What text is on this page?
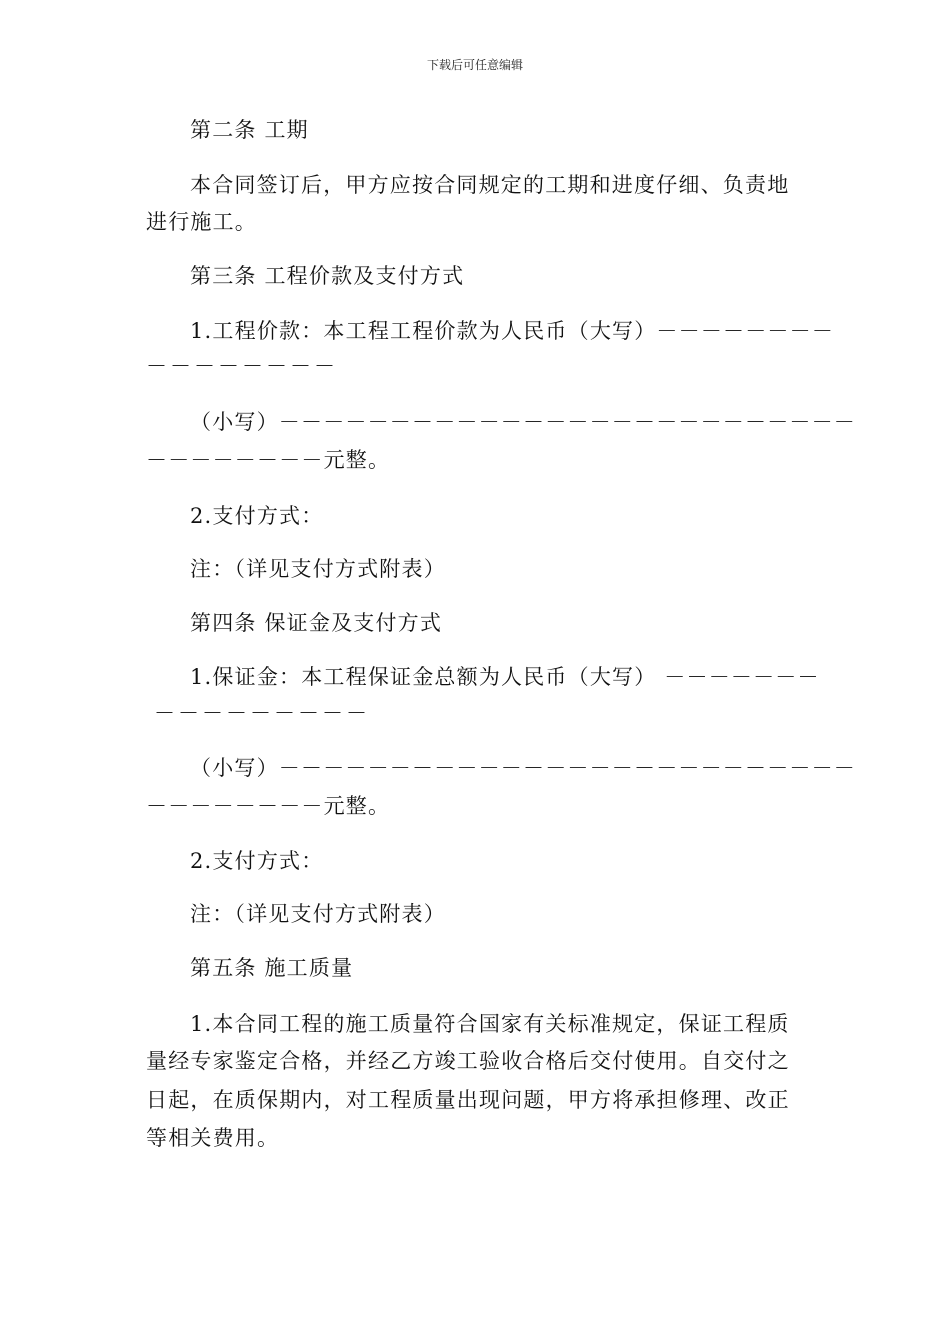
下载后可任意编辑
第二条 工期
本合同签订后，甲方应按合同规定的工期和进度仔细、负责地
进行施工。
第三条 工程价款及支付方式
1.工程价款：本工程工程价款为人民币（大写）－－－－－－－－
－－－－－－－－
（小写）－－－－－－－－－－－－－－－－－－－－－－－－－－
－－－－－－－－元整。
2.支付方式：
注：（详见支付方式附表）
第四条 保证金及支付方式
1.保证金：本工程保证金总额为人民币（大写） －－－－－－－
－－－－－－－－－
（小写）－－－－－－－－－－－－－－－－－－－－－－－－－－
－－－－－－－－元整。
2.支付方式：
注：（详见支付方式附表）
第五条 施工质量
1.本合同工程的施工质量符合国家有关标准规定，保证工程质
量经专家鉴定合格，并经乙方竣工验收合格后交付使用。自交付之
日起，在质保期内，对工程质量出现问题，甲方将承担修理、改正
等相关费用。
